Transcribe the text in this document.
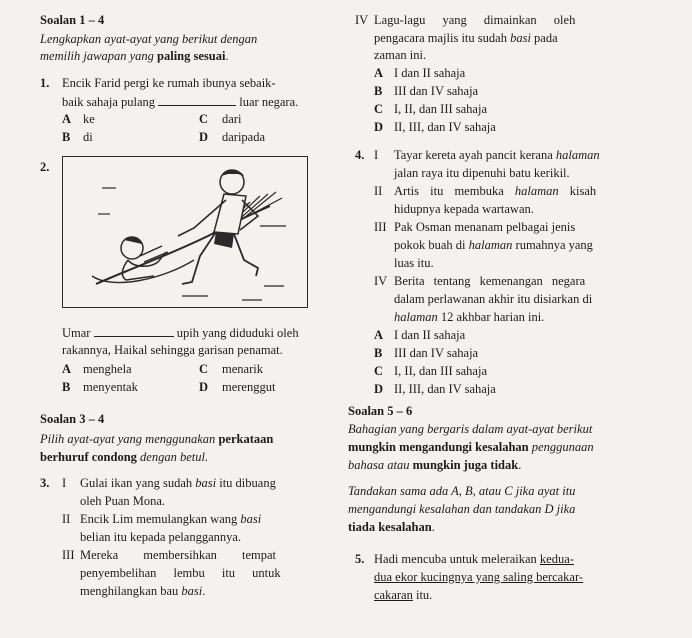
Soalan 1 – 4
Lengkapkan ayat-ayat yang berikut dengan
memilih jawapan yang paling sesuai.
1. Encik Farid pergi ke rumah ibunya sebaik-
baik sahaja pulang	luar negara.
A ke	C dari
B di	D daripada
2.
Umar	upih yang diduduki oleh
rakannya, Haikal sehingga garisan penamat.
A menghela	C menarik
B menyentak	D merenggut
Soalan 3 – 4
Pilih ayat-ayat yang menggunakan perkataan
berhuruf condong dengan betul.
3. I Gulai ikan yang sudah basi itu dibuang
oleh Puan Mona.
II Encik Lim memulangkan wang basi
belian itu kepada pelanggannya.
III Mereka membersihkan tempat
penyembelihan lembu itu untuk
menghilangkan bau basi.
IV Lagu-lagu yang dimainkan oleh
pengacara majlis itu sudah basi pada
zaman ini.
A I dan II sahaja
B III dan IV sahaja
C I, II, dan III sahaja
D II, III, dan IV sahaja
4. I Tayar kereta ayah pancit kerana halaman
jalan raya itu dipenuhi batu kerikil.
II Artis itu membuka halaman kisah
hidupnya kepada wartawan.
III Pak Osman menanam pelbagai jenis
pokok buah di halaman rumahnya yang
luas itu.
IV Berita tentang kemenangan negara
dalam perlawanan akhir itu disiarkan di
halaman 12 akhbar harian ini.
A I dan II sahaja
B III dan IV sahaja
C I, II, dan III sahaja
D II, III, dan IV sahaja
Soalan 5 – 6
Bahagian yang bergaris dalam ayat-ayat berikut
mungkin mengandungi kesalahan penggunaan
bahasa atau mungkin juga tidak.
Tandakan sama ada A, B, atau C jika ayat itu
mengandungi kesalahan dan tandakan D jika
tiada kesalahan.
5. Hadi mencuba untuk meleraikan kedua-
dua ekor kucingnya yang saling bercakar-
cakaran itu.
